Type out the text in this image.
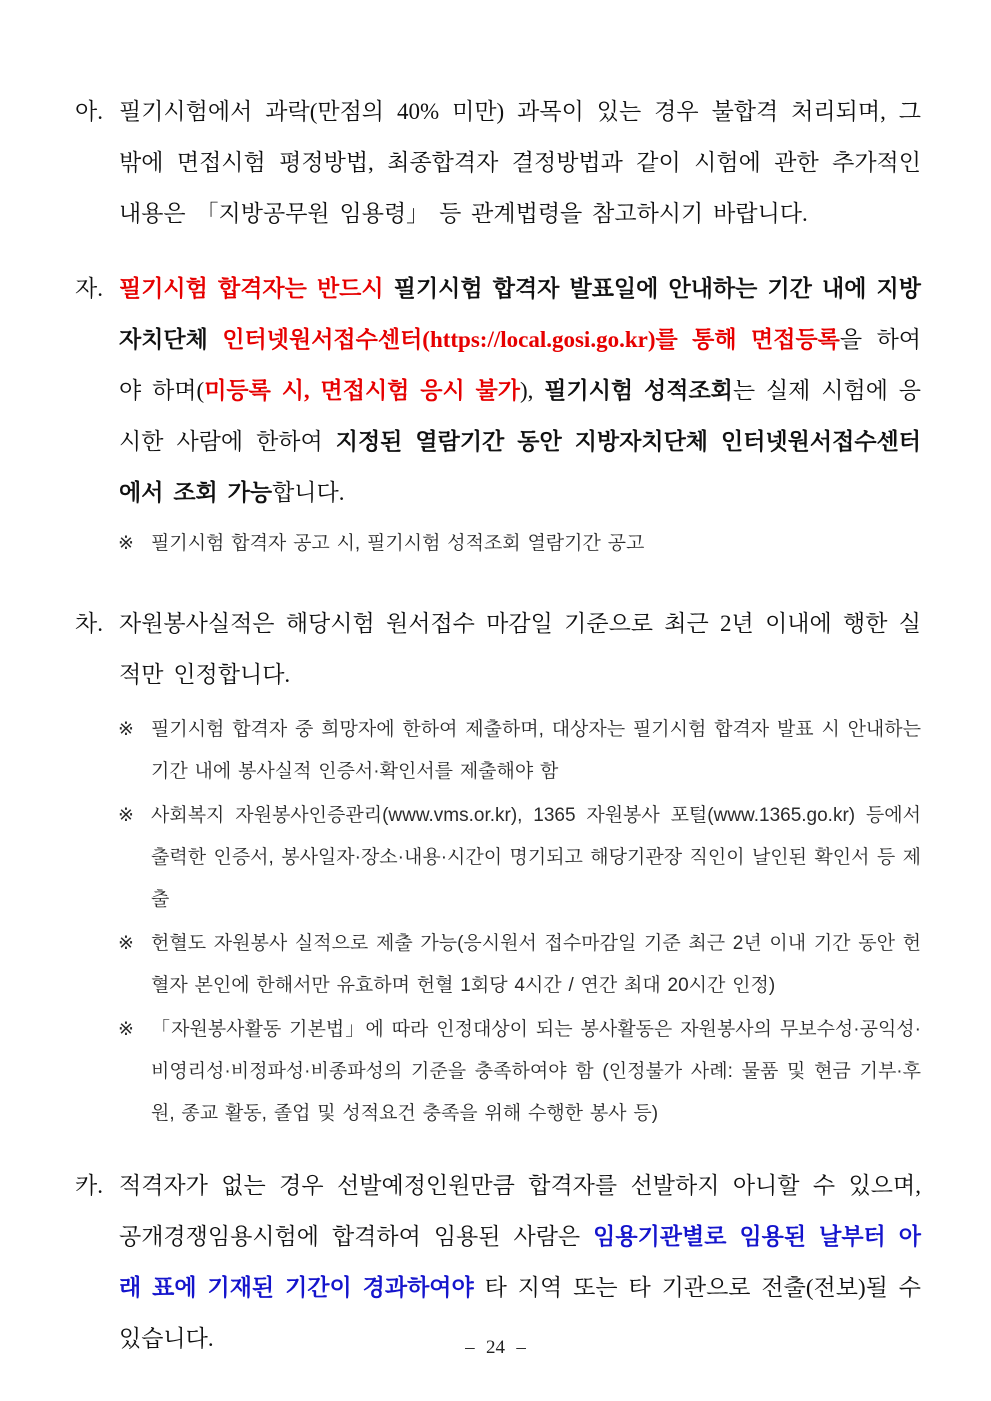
아. 필기시험에서 과락(만점의 40% 미만) 과목이 있는 경우 불합격 처리되며, 그 밖에 면접시험 평정방법, 최종합격자 결정방법과 같이 시험에 관한 추가적인 내용은 「지방공무원 임용령」 등 관계법령을 참고하시기 바랍니다.
자. 필기시험 합격자는 반드시 필기시험 합격자 발표일에 안내하는 기간 내에 지방자치단체 인터넷원서접수센터(https://local.gosi.go.kr)를 통해 면접등록을 하여야 하며(미등록 시, 면접시험 응시 불가), 필기시험 성적조회는 실제 시험에 응시한 사람에 한하여 지정된 열람기간 동안 지방자치단체 인터넷원서접수센터에서 조회 가능합니다.
※ 필기시험 합격자 공고 시, 필기시험 성적조회 열람기간 공고
차. 자원봉사실적은 해당시험 원서접수 마감일 기준으로 최근 2년 이내에 행한 실적만 인정합니다.
※ 필기시험 합격자 중 희망자에 한하여 제출하며, 대상자는 필기시험 합격자 발표 시 안내하는 기간 내에 봉사실적 인증서·확인서를 제출해야 함
※ 사회복지 자원봉사인증관리(www.vms.or.kr), 1365 자원봉사 포털(www.1365.go.kr) 등에서 출력한 인증서, 봉사일자·장소·내용·시간이 명기되고 해당기관장 직인이 날인된 확인서 등 제출
※ 헌혈도 자원봉사 실적으로 제출 가능(응시원서 접수마감일 기준 최근 2년 이내 기간 동안 헌혈자 본인에 한해서만 유효하며 헌혈 1회당 4시간 / 연간 최대 20시간 인정)
※ 「자원봉사활동 기본법」에 따라 인정대상이 되는 봉사활동은 자원봉사의 무보수성·공익성·비영리성·비정파성·비종파성의 기준을 충족하여야 함 (인정불가 사례: 물품 및 현금 기부·후원, 종교 활동, 졸업 및 성적요건 충족을 위해 수행한 봉사 등)
카. 적격자가 없는 경우 선발예정인원만큼 합격자를 선발하지 아니할 수 있으며, 공개경쟁임용시험에 합격하여 임용된 사람은 임용기관별로 임용된 날부터 아래 표에 기재된 기간이 경과하여야 타 지역 또는 타 기관으로 전출(전보)될 수 있습니다.	– 24 –
